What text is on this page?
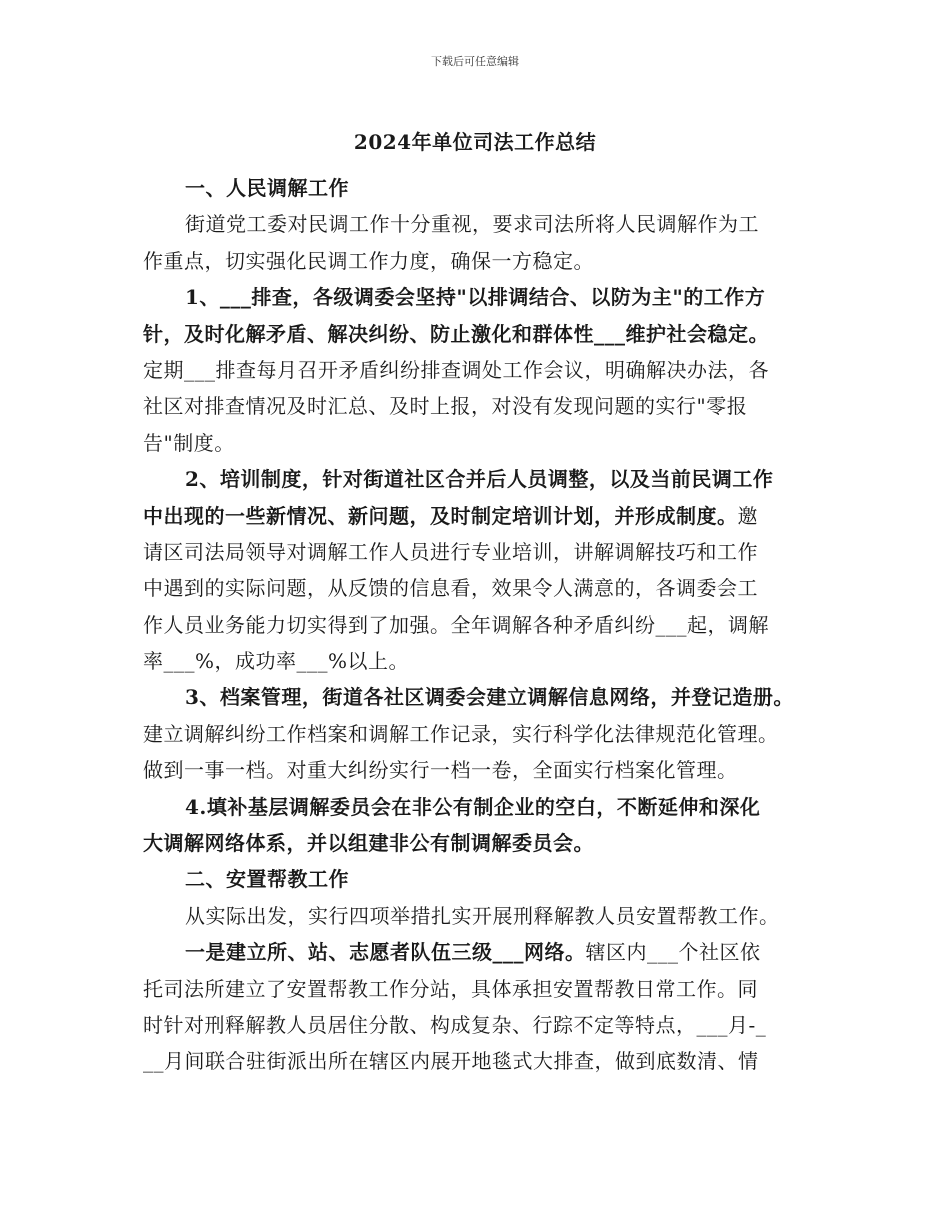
下载后可任意编辑
2024年单位司法工作总结
一、人民调解工作
街道党工委对民调工作十分重视，要求司法所将人民调解作为工
作重点，切实强化民调工作力度，确保一方稳定。
1、___排查，各级调委会坚持"以排调结合、以防为主"的工作方
针，及时化解矛盾、解决纠纷、防止激化和群体性___维护社会稳定。
定期___排查每月召开矛盾纠纷排查调处工作会议，明确解决办法，各
社区对排查情况及时汇总、及时上报，对没有发现问题的实行"零报
告"制度。
2、培训制度，针对街道社区合并后人员调整，以及当前民调工作
中出现的一些新情况、新问题，及时制定培训计划，并形成制度。邀
请区司法局领导对调解工作人员进行专业培训，讲解调解技巧和工作
中遇到的实际问题，从反馈的信息看，效果令人满意的，各调委会工
作人员业务能力切实得到了加强。全年调解各种矛盾纠纷___起，调解
率___%，成功率___%以上。
3、档案管理，街道各社区调委会建立调解信息网络，并登记造册。
建立调解纠纷工作档案和调解工作记录，实行科学化法律规范化管理。
做到一事一档。对重大纠纷实行一档一卷，全面实行档案化管理。
4.填补基层调解委员会在非公有制企业的空白，不断延伸和深化
大调解网络体系，并以组建非公有制调解委员会。
二、安置帮教工作
从实际出发，实行四项举措扎实开展刑释解教人员安置帮教工作。
一是建立所、站、志愿者队伍三级___网络。辖区内___个社区依
托司法所建立了安置帮教工作分站，具体承担安置帮教日常工作。同
时针对刑释解教人员居住分散、构成复杂、行踪不定等特点，___月-_
__月间联合驻街派出所在辖区内展开地毯式大排查，做到底数清、情
